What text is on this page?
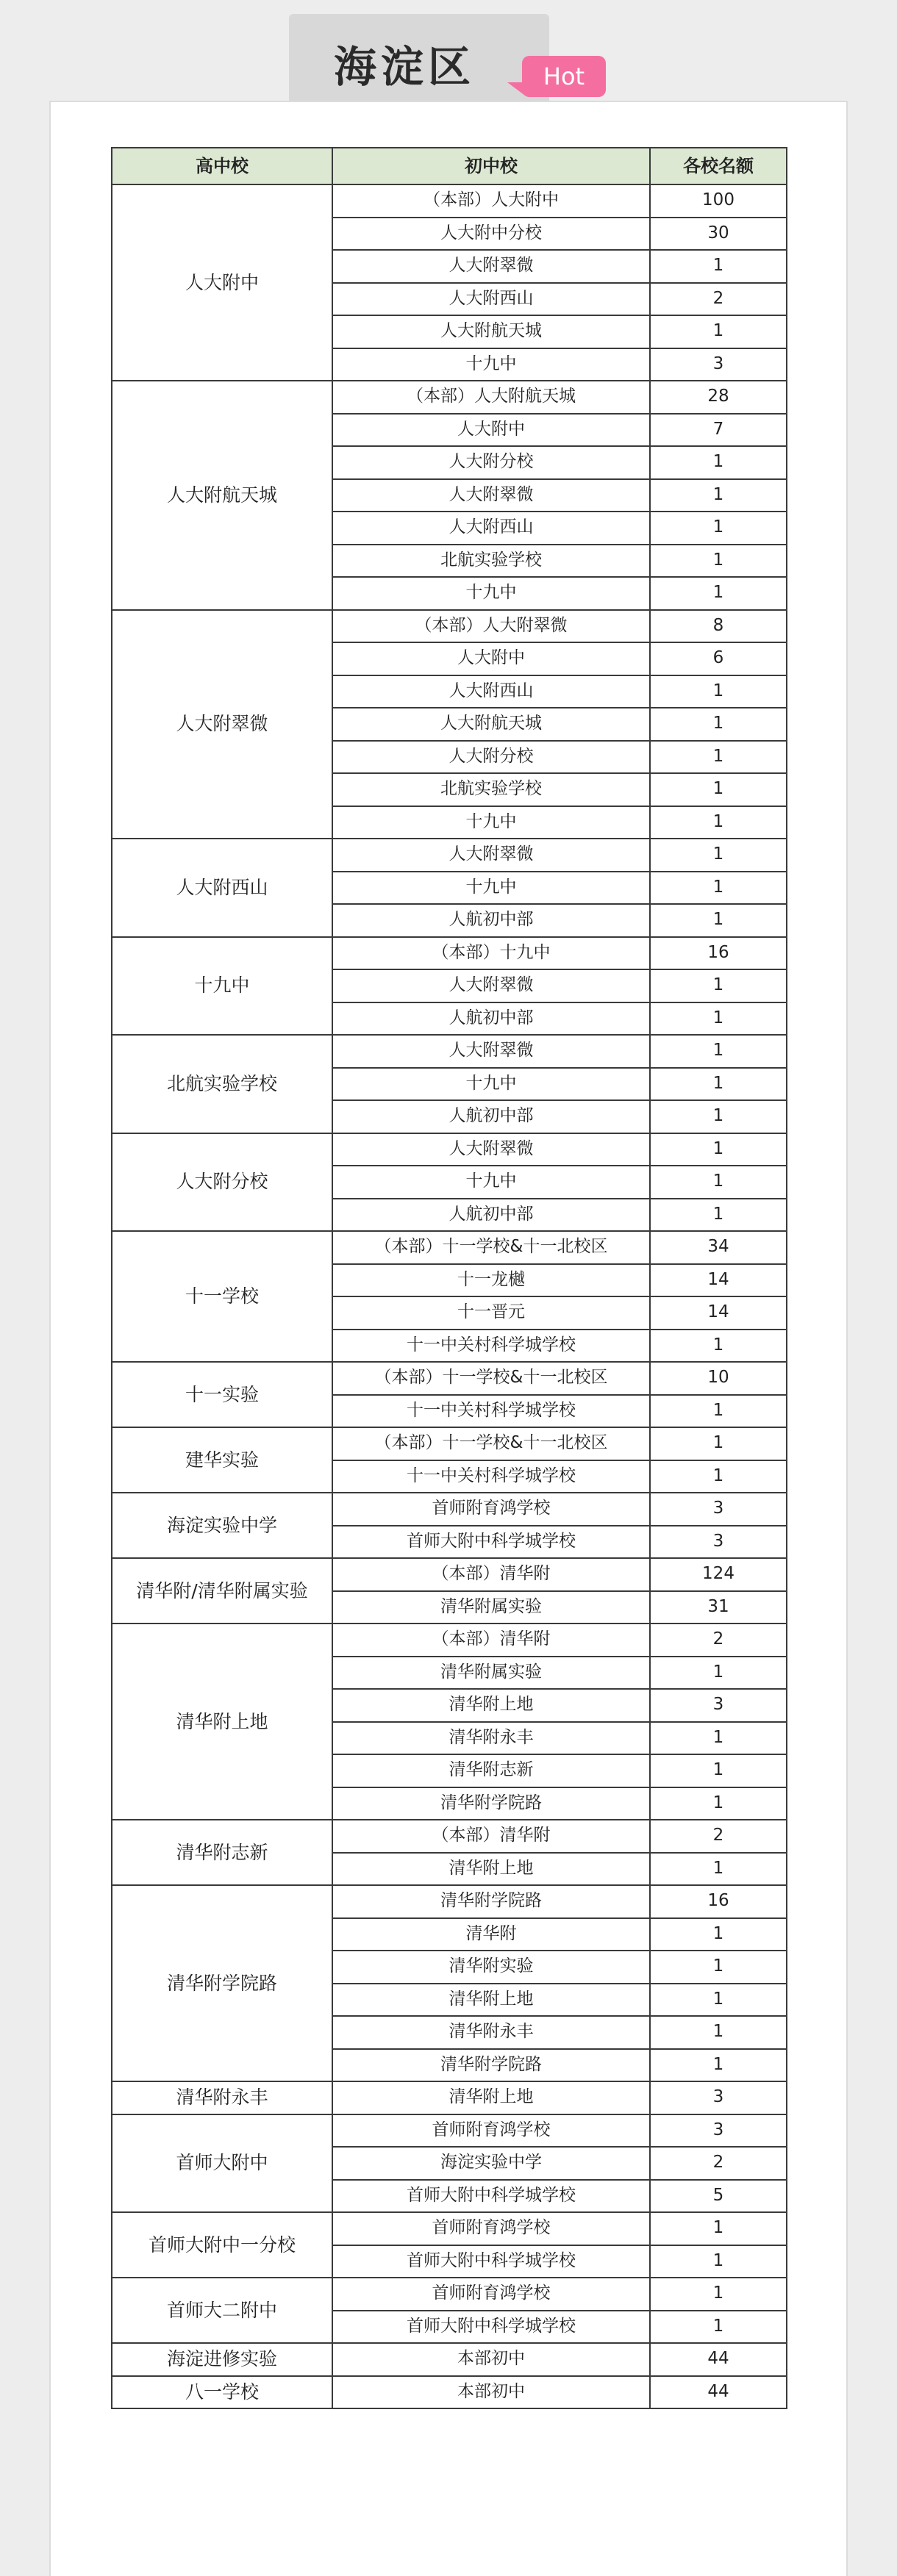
海淀区	Hot
高中校	初中校	各校名额
人大附中	（本部）人大附中	100
	人大附中分校	30
	人大附翠微	1
	人大附西山	2
	人大附航天城	1
	十九中	3
人大附航天城	（本部）人大附航天城	28
	人大附中	7
	人大附分校	1
	人大附翠微	1
	人大附西山	1
	北航实验学校	1
	十九中	1
人大附翠微	（本部）人大附翠微	8
	人大附中	6
	人大附西山	1
	人大附航天城	1
	人大附分校	1
	北航实验学校	1
	十九中	1
人大附西山	人大附翠微	1
	十九中	1
	人航初中部	1
十九中	（本部）十九中	16
	人大附翠微	1
	人航初中部	1
北航实验学校	人大附翠微	1
	十九中	1
	人航初中部	1
人大附分校	人大附翠微	1
	十九中	1
	人航初中部	1
十一学校	（本部）十一学校&十一北校区	34
	十一龙樾	14
	十一晋元	14
	十一中关村科学城学校	1
十一实验	（本部）十一学校&十一北校区	10
	十一中关村科学城学校	1
建华实验	（本部）十一学校&十一北校区	1
	十一中关村科学城学校	1
海淀实验中学	首师附育鸿学校	3
	首师大附中科学城学校	3
清华附/清华附属实验	（本部）清华附	124
	清华附属实验	31
清华附上地	（本部）清华附	2
	清华附属实验	1
	清华附上地	3
	清华附永丰	1
	清华附志新	1
	清华附学院路	1
清华附志新	（本部）清华附	2
	清华附上地	1
清华附学院路	清华附学院路	16
	清华附	1
	清华附实验	1
	清华附上地	1
	清华附永丰	1
	清华附学院路	1
清华附永丰	清华附上地	3
首师大附中	首师附育鸿学校	3
	海淀实验中学	2
	首师大附中科学城学校	5
首师大附中一分校	首师附育鸿学校	1
	首师大附中科学城学校	1
首师大二附中	首师附育鸿学校	1
	首师大附中科学城学校	1
海淀进修实验	本部初中	44
八一学校	本部初中	44
